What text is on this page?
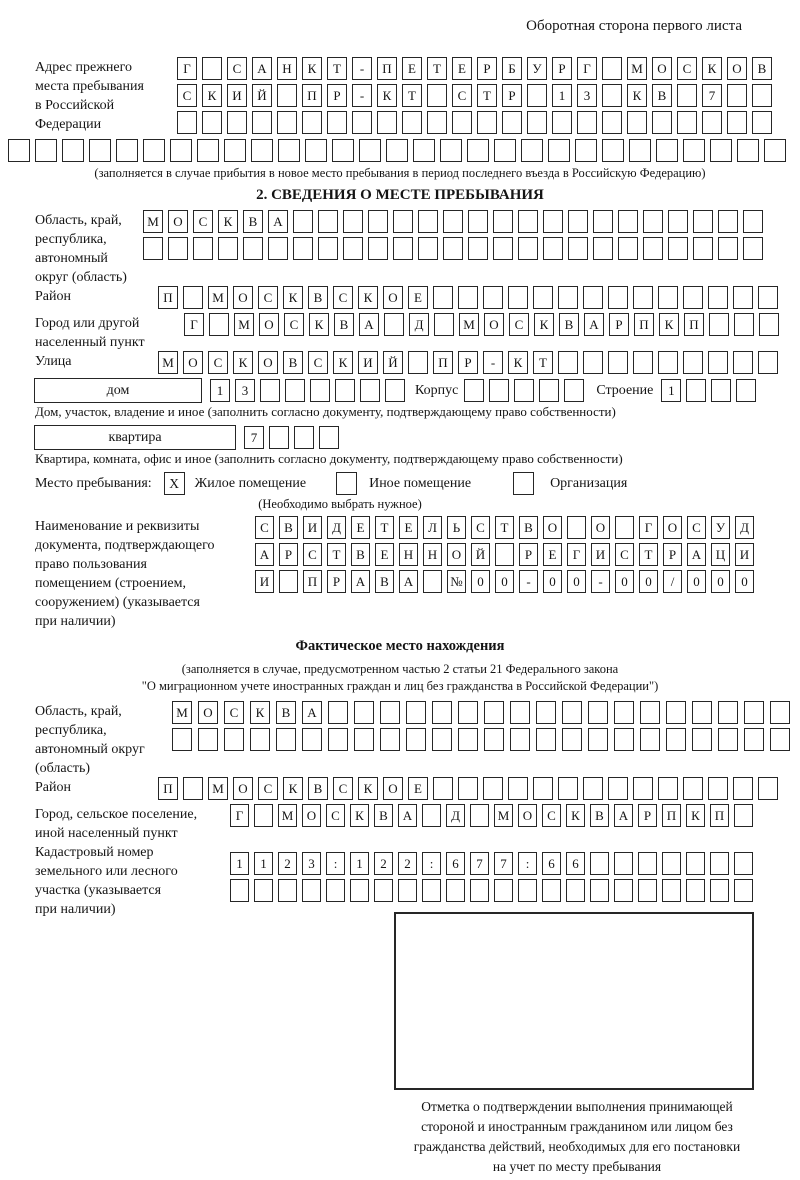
Оборотная сторона первого листа
Адрес прежнего
места пребывания
в Российской
Федерации
Г	С	А	Н	К	Т	-	П	Е	Т	Е	Р	Б	У	Р	Г	М	О	С	К	О	В
С	К	И	Й	П	Р	-	К	Т	С	Т	Р	1	3	К	В	7
(заполняется в случае прибытия в новое место пребывания в период последнего въезда в Российскую Федерацию)
2. СВЕДЕНИЯ О МЕСТЕ ПРЕБЫВАНИЯ
Область, край,
республика,
автономный
округ (область)
М	О	С	К	В	А
Район	П	М	О	С	К	В	С	К	О	Е
Город или другой
населенный пункт
Г	М	О	С	К	В	А	Д	М	О	С	К	В	А	Р	П	К	П
Улица	М	О	С	К	О	В	С	К	И	Й	П	Р	-	К	Т
дом	1	3	Корпус	Строение	1
Дом, участок, владение и иное (заполнить согласно документу, подтверждающему право собственности)
квартира	7
Квартира, комната, офис и иное (заполнить согласно документу, подтверждающему право собственности)
Место пребывания:	X	Жилое помещение	Иное помещение	Организация
(Необходимо выбрать нужное)
Наименование и реквизиты
документа, подтверждающего
право пользования
помещением (строением,
сооружением) (указывается
при наличии)
С	В	И	Д	Е	Т	Е	Л	Ь	С	Т	В	О	О	Г	О	С	У	Д
А	Р	С	Т	В	Е	Н	Н	О	Й	Р	Е	Г	И	С	Т	Р	А	Ц	И
И	П	Р	А	В	А	№	0	0	-	0	0	-	0	0	/	0	0	0
Фактическое место нахождения
(заполняется в случае, предусмотренном частью 2 статьи 21 Федерального закона
"О миграционном учете иностранных граждан и лиц без гражданства в Российской Федерации")
Область, край,
республика,
автономный округ
(область)
М	О	С	К	В	А
Район	П	М	О	С	К	В	С	К	О	Е
Город, сельское поселение,
иной населенный пункт
Г	М	О	С	К	В	А	Д	М	О	С	К	В	А	Р	П	К	П
Кадастровый номер
земельного или лесного
участка (указывается
при наличии)
1	1	2	3	:	1	2	2	:	6	7	7	:	6	6
Отметка о подтверждении выполнения принимающей
стороной и иностранным гражданином или лицом без
гражданства действий, необходимых для его постановки
на учет по месту пребывания
